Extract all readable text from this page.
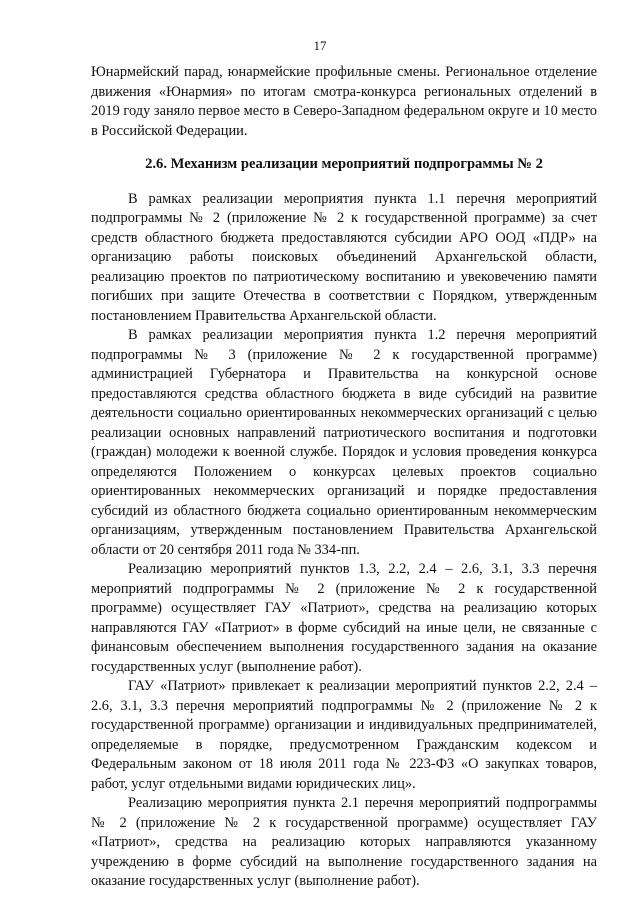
17

Юнармейский парад, юнармейские профильные смены. Региональное отделение движения «Юнармия» по итогам смотра-конкурса региональных отделений в 2019 году заняло первое место в Северо-Западном федеральном округе и 10 место в Российской Федерации.

2.6. Механизм реализации мероприятий подпрограммы № 2

В рамках реализации мероприятия пункта 1.1 перечня мероприятий подпрограммы № 2 (приложение № 2 к государственной программе) за счет средств областного бюджета предоставляются субсидии АРО ООД «ПДР» на организацию работы поисковых объединений Архангельской области, реализацию проектов по патриотическому воспитанию и увековечению памяти погибших при защите Отечества в соответствии с Порядком, утвержденным постановлением Правительства Архангельской области.

В рамках реализации мероприятия пункта 1.2 перечня мероприятий подпрограммы № 3 (приложение № 2 к государственной программе) администрацией Губернатора и Правительства на конкурсной основе предоставляются средства областного бюджета в виде субсидий на развитие деятельности социально ориентированных некоммерческих организаций с целью реализации основных направлений патриотического воспитания и подготовки (граждан) молодежи к военной службе. Порядок и условия проведения конкурса определяются Положением о конкурсах целевых проектов социально ориентированных некоммерческих организаций и порядке предоставления субсидий из областного бюджета социально ориентированным некоммерческим организациям, утвержденным постановлением Правительства Архангельской области от 20 сентября 2011 года № 334-пп.

Реализацию мероприятий пунктов 1.3, 2.2, 2.4 – 2.6, 3.1, 3.3 перечня мероприятий подпрограммы № 2 (приложение № 2 к государственной программе) осуществляет ГАУ «Патриот», средства на реализацию которых направляются ГАУ «Патриот» в форме субсидий на иные цели, не связанные с финансовым обеспечением выполнения государственного задания на оказание государственных услуг (выполнение работ).

ГАУ «Патриот» привлекает к реализации мероприятий пунктов 2.2, 2.4 – 2.6, 3.1, 3.3 перечня мероприятий подпрограммы № 2 (приложение № 2 к государственной программе) организации и индивидуальных предпринимателей, определяемые в порядке, предусмотренном Гражданским кодексом и Федеральным законом от 18 июля 2011 года № 223-ФЗ «О закупках товаров, работ, услуг отдельными видами юридических лиц».

Реализацию мероприятия пункта 2.1 перечня мероприятий подпрограммы № 2 (приложение № 2 к государственной программе) осуществляет ГАУ «Патриот», средства на реализацию которых направляются указанному учреждению в форме субсидий на выполнение государственного задания на оказание государственных услуг (выполнение работ).
